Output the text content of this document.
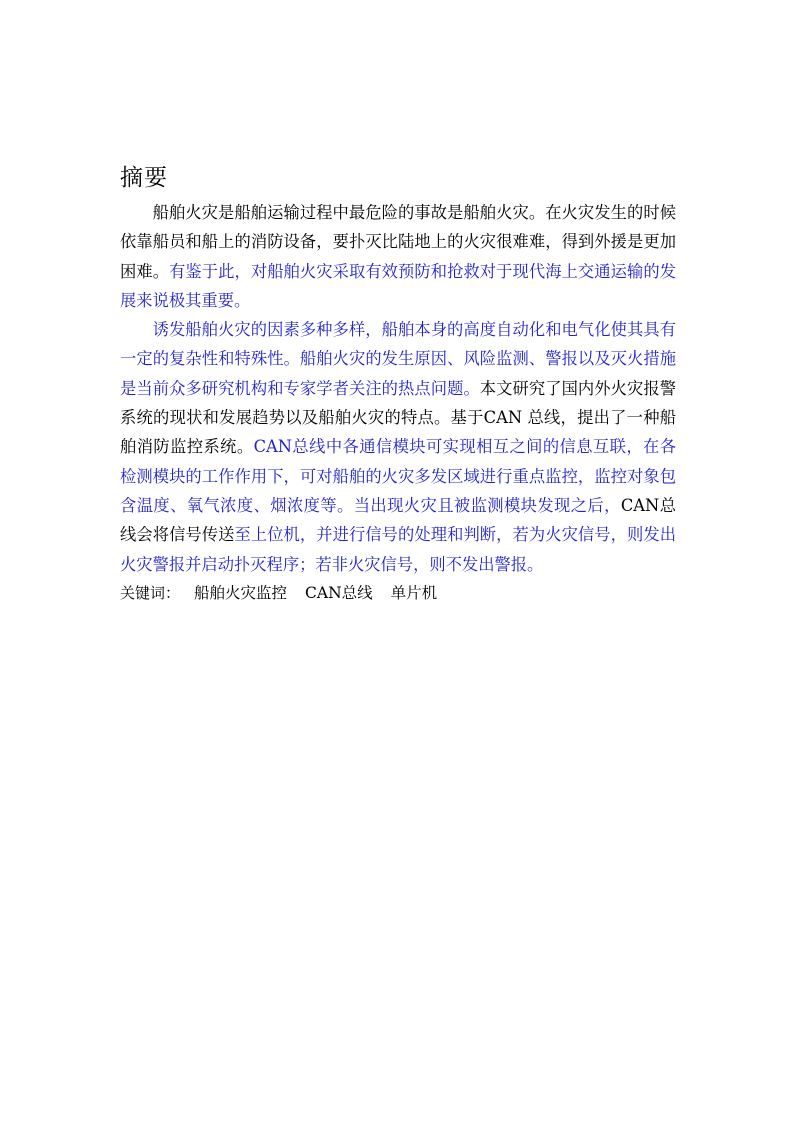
摘要

船舶火灾是船舶运输过程中最危险的事故是船舶火灾。在火灾发生的时候依靠船员和船上的消防设备，要扑灭比陆地上的火灾很难难，得到外援是更加困难。有鉴于此，对船舶火灾采取有效预防和抢救对于现代海上交通运输的发展来说极其重要。

诱发船舶火灾的因素多种多样，船舶本身的高度自动化和电气化使其具有一定的复杂性和特殊性。船舶火灾的发生原因、风险监测、警报以及灭火措施是当前众多研究机构和专家学者关注的热点问题。本文研究了国内外火灾报警系统的现状和发展趋势以及船舶火灾的特点。基于CAN 总线，提出了一种船舶消防监控系统。CAN总线中各通信模块可实现相互之间的信息互联，在各检测模块的工作作用下，可对船舶的火灾多发区域进行重点监控，监控对象包含温度、氧气浓度、烟浓度等。当出现火灾且被监测模块发现之后，CAN总线会将信号传送至上位机，并进行信号的处理和判断，若为火灾信号，则发出火灾警报并启动扑灭程序；若非火灾信号，则不发出警报。

关键词： 船舶火灾监控 CAN总线 单片机
